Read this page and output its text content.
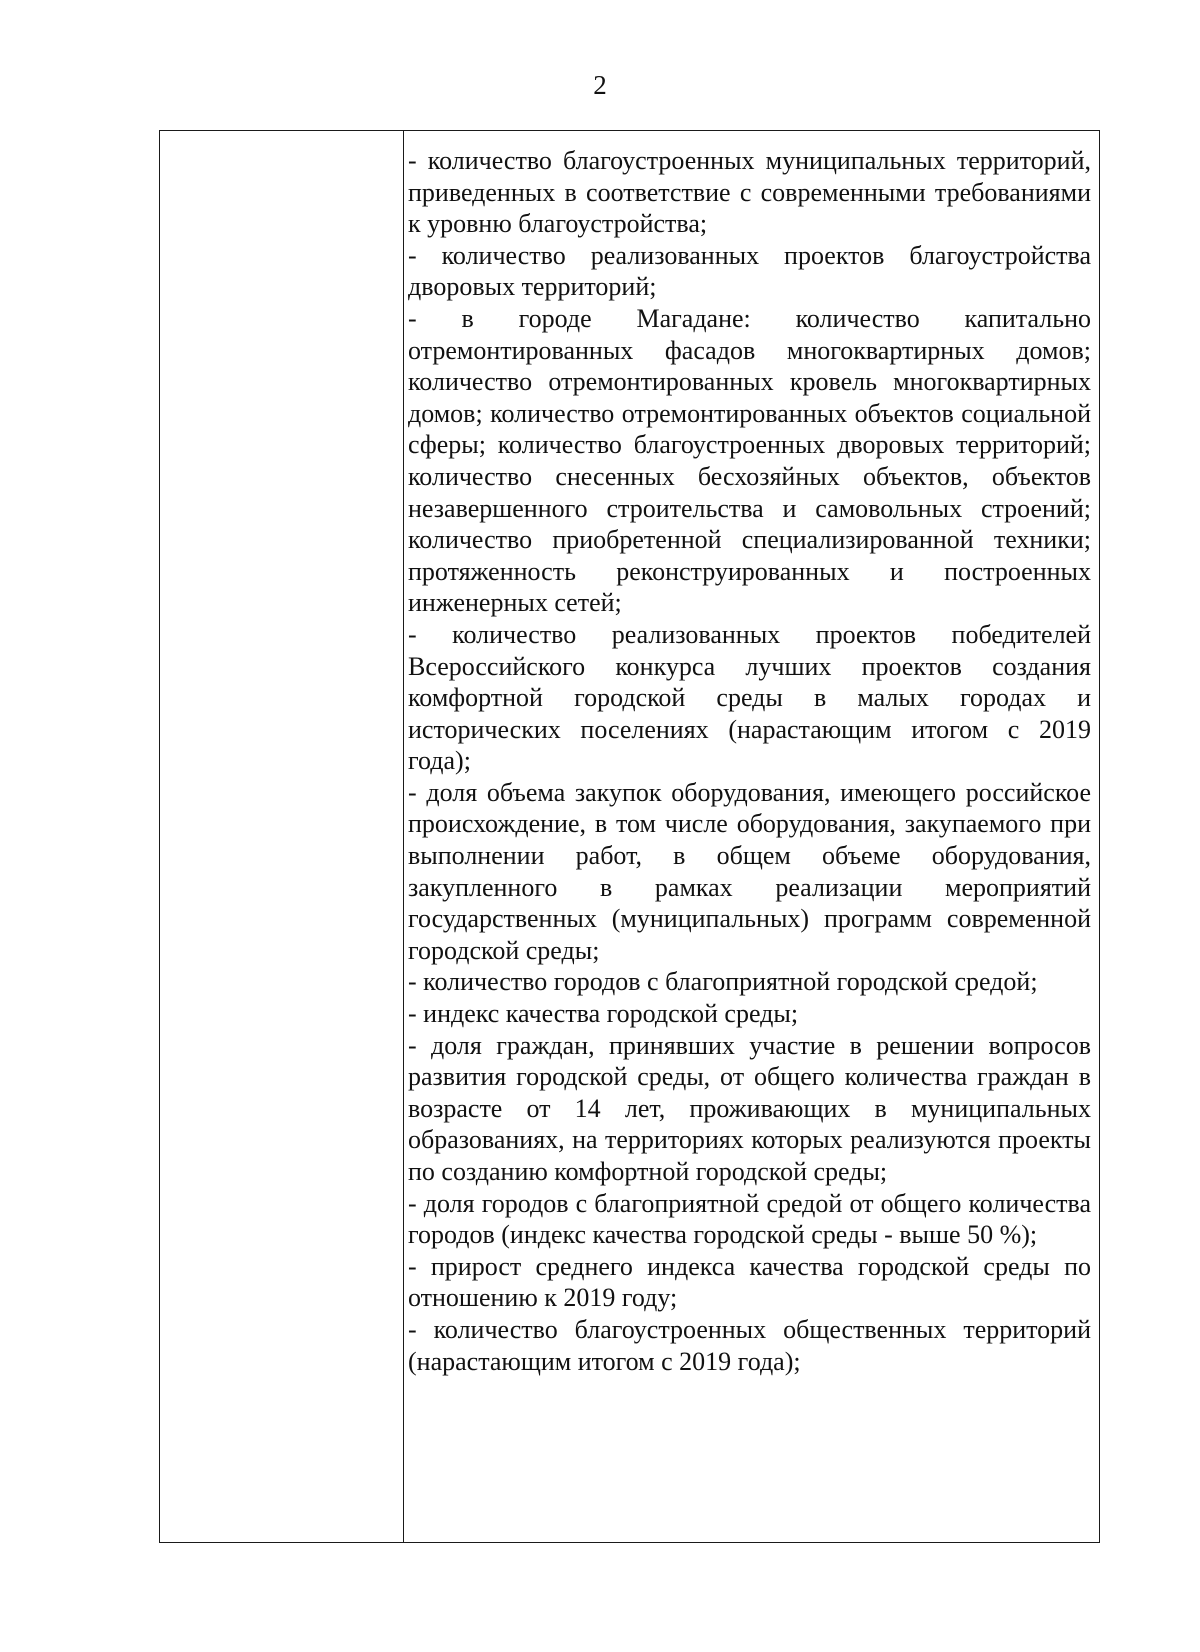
2

- количество благоустроенных муниципальных территорий, приведенных в соответствие с современными требованиями к уровню благоустройства;

- количество реализованных проектов благоустройства дворовых территорий;

- в городе Магадане: количество капитально отремонтированных фасадов многоквартирных домов; количество отремонтированных кровель многоквартирных домов; количество отремонтированных объектов социальной сферы; количество благоустроенных дворовых территорий; количество снесенных бесхозяйных объектов, объектов незавершенного строительства и самовольных строений; количество приобретенной специализированной техники; протяженность реконструированных и построенных инженерных сетей;

- количество реализованных проектов победителей Всероссийского конкурса лучших проектов создания комфортной городской среды в малых городах и исторических поселениях (нарастающим итогом с 2019 года);

- доля объема закупок оборудования, имеющего российское происхождение, в том числе оборудования, закупаемого при выполнении работ, в общем объеме оборудования, закупленного в рамках реализации мероприятий государственных (муниципальных) программ современной городской среды;

- количество городов с благоприятной городской средой;

- индекс качества городской среды;

- доля граждан, принявших участие в решении вопросов развития городской среды, от общего количества граждан в возрасте от 14 лет, проживающих в муниципальных образованиях, на территориях которых реализуются проекты по созданию комфортной городской среды;

- доля городов с благоприятной средой от общего количества городов (индекс качества городской среды - выше 50 %);

- прирост среднего индекса качества городской среды по отношению к 2019 году;

- количество благоустроенных общественных территорий (нарастающим итогом с 2019 года);
